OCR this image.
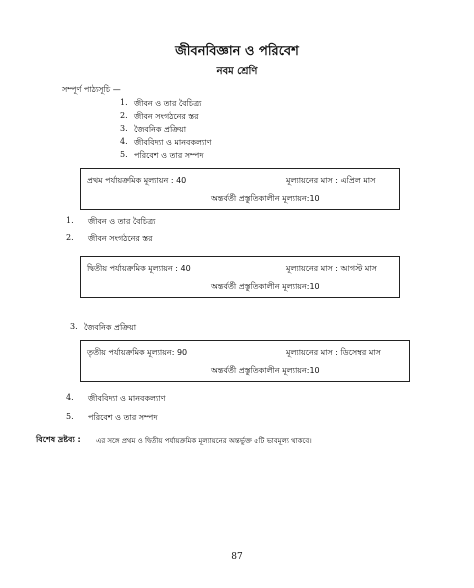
জীবনবিজ্ঞান ও পরিবেশ
নবম শ্রেণি
সম্পূর্ণ পাঠ্যসূচি —
1. জীবন ও তার বৈচিত্র্য
2. জীবন সংগঠনের স্তর
3. জৈবনিক প্রক্রিয়া
4. জীববিদ্যা ও মানবকল্যাণ
5. পরিবেশ ও তার সম্পদ
প্রথম পর্যায়ক্রমিক মূল্যায়ন : 40	মূল্যায়নের মাস : এপ্রিল মাস
অন্তর্বর্তী প্রস্তুতিকালীন মূল্যায়ন:10
1. জীবন ও তার বৈচিত্র্য
2. জীবন সংগঠনের স্তর
দ্বিতীয় পর্যায়ক্রমিক মূল্যায়ন : 40	মূল্যায়নের মাস : আগস্ট মাস
অন্তর্বর্তী প্রস্তুতিকালীন মূল্যায়ন:10
3. জৈবনিক প্রক্রিয়া
তৃতীয় পর্যায়ক্রমিক মূল্যায়ন: 90	মূল্যায়নের মাস : ডিসেম্বর মাস
অন্তর্বর্তী প্রস্তুতিকালীন মূল্যায়ন:10
4. জীববিদ্যা ও মানবকল্যাণ
5. পরিবেশ ও তার সম্পদ
বিশেষ দ্রষ্টব্য : এর সঙ্গে প্রথম ও দ্বিতীয় পর্যায়ক্রমিক মূল্যায়নের অন্তর্ভুক্ত ৫টি ভাবমূল্য থাকবে।
87
